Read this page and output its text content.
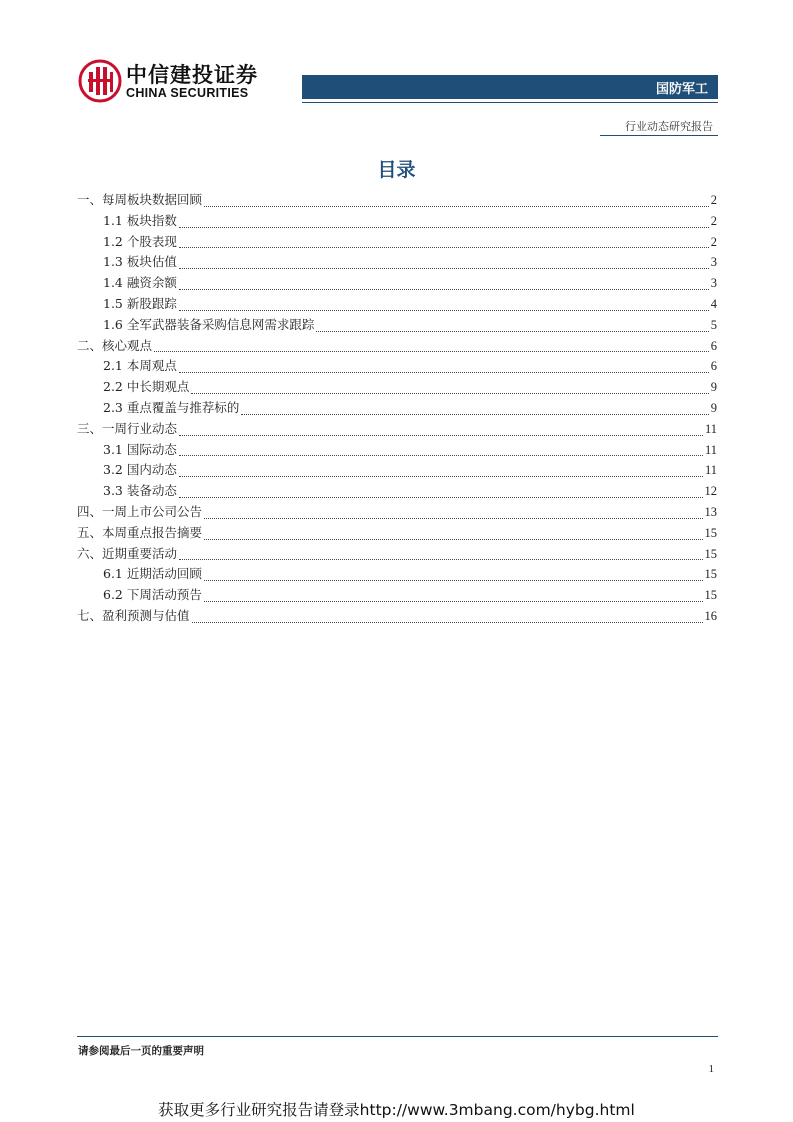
中信建投证券
CHINA SECURITIES	国防军工
行业动态研究报告
目录
一、每周板块数据回顾	2
1.1 板块指数	2
1.2 个股表现	2
1.3 板块估值	3
1.4 融资余额	3
1.5 新股跟踪	4
1.6 全军武器装备采购信息网需求跟踪	5
二、核心观点	6
2.1 本周观点	6
2.2 中长期观点	9
2.3 重点覆盖与推荐标的	9
三、一周行业动态	11
3.1 国际动态	11
3.2 国内动态	11
3.3 装备动态	12
四、一周上市公司公告	13
五、本周重点报告摘要	15
六、近期重要活动	15
6.1 近期活动回顾	15
6.2 下周活动预告	15
七、盈利预测与估值	16
请参阅最后一页的重要声明
1
获取更多行业研究报告请登录http://www.3mbang.com/hybg.html
